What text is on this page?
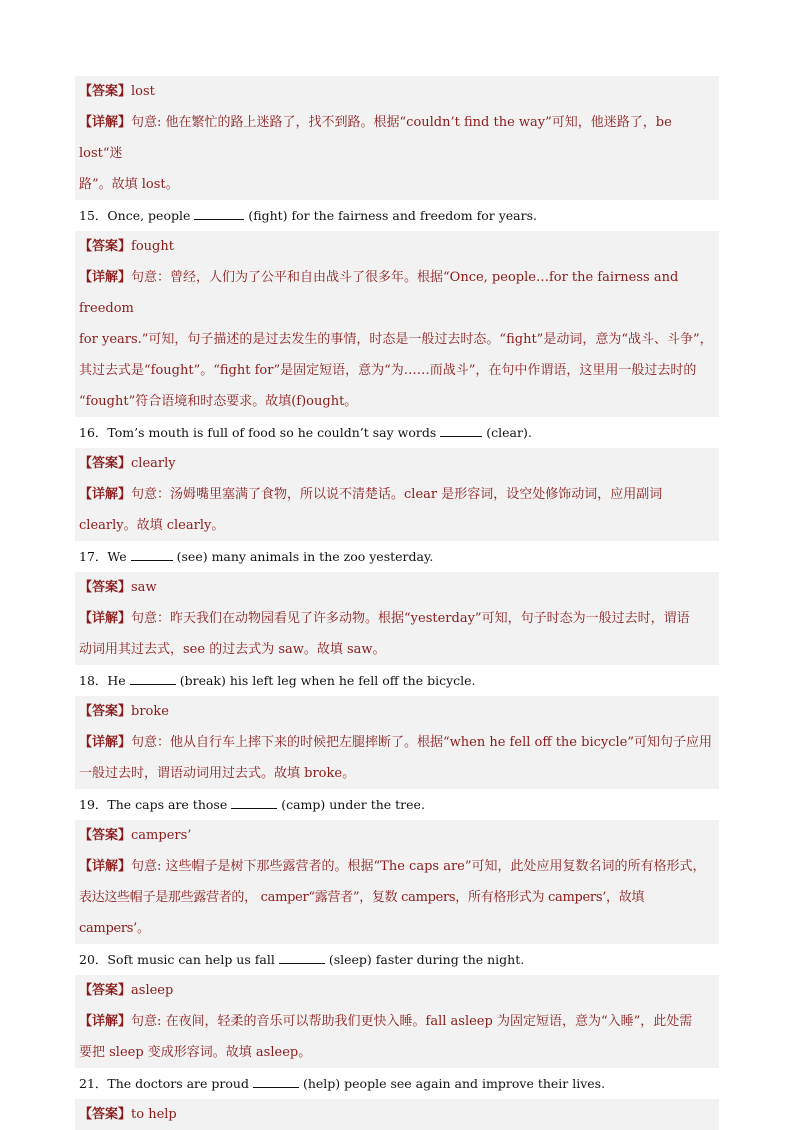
【答案】lost

【详解】句意: 他在繁忙的路上迷路了，找不到路。根据“couldn’t find the way”可知，他迷路了，be lost“迷

路”。故填 lost。

15．Once, people	(fight) for the fairness and freedom for years.

【答案】fought

【详解】句意：曾经，人们为了公平和自由战斗了很多年。根据“Once, people…for the fairness and freedom

for years.”可知，句子描述的是过去发生的事情，时态是一般过去时态。“fight”是动词，意为“战斗、斗争”，

其过去式是“fought”。“fight for”是固定短语，意为“为……而战斗”，在句中作谓语，这里用一般过去时的

“fought”符合语境和时态要求。故填(f)ought。

16．Tom’s mouth is full of food so he couldn’t say words	(clear).

【答案】clearly

【详解】句意：汤姆嘴里塞满了食物，所以说不清楚话。clear 是形容词，设空处修饰动词，应用副词

clearly。故填 clearly。

17．We	(see) many animals in the zoo yesterday.

【答案】saw

【详解】句意：昨天我们在动物园看见了许多动物。根据“yesterday”可知，句子时态为一般过去时，谓语

动词用其过去式，see 的过去式为 saw。故填 saw。

18．He	(break) his left leg when he fell off the bicycle.

【答案】broke

【详解】句意：他从自行车上摔下来的时候把左腿摔断了。根据“when he fell off the bicycle”可知句子应用

一般过去时，谓语动词用过去式。故填 broke。

19．The caps are those	(camp) under the tree.

【答案】campers’

【详解】句意: 这些帽子是树下那些露营者的。根据“The caps are”可知，此处应用复数名词的所有格形式，

表达这些帽子是那些露营者的， camper“露营者”，复数 campers，所有格形式为 campers’，故填 campers’。

20．Soft music can help us fall	(sleep) faster during the night.

【答案】asleep

【详解】句意: 在夜间，轻柔的音乐可以帮助我们更快入睡。fall asleep 为固定短语，意为“入睡”，此处需

要把 sleep 变成形容词。故填 asleep。

21．The doctors are proud	(help) people see again and improve their lives.

【答案】to help
